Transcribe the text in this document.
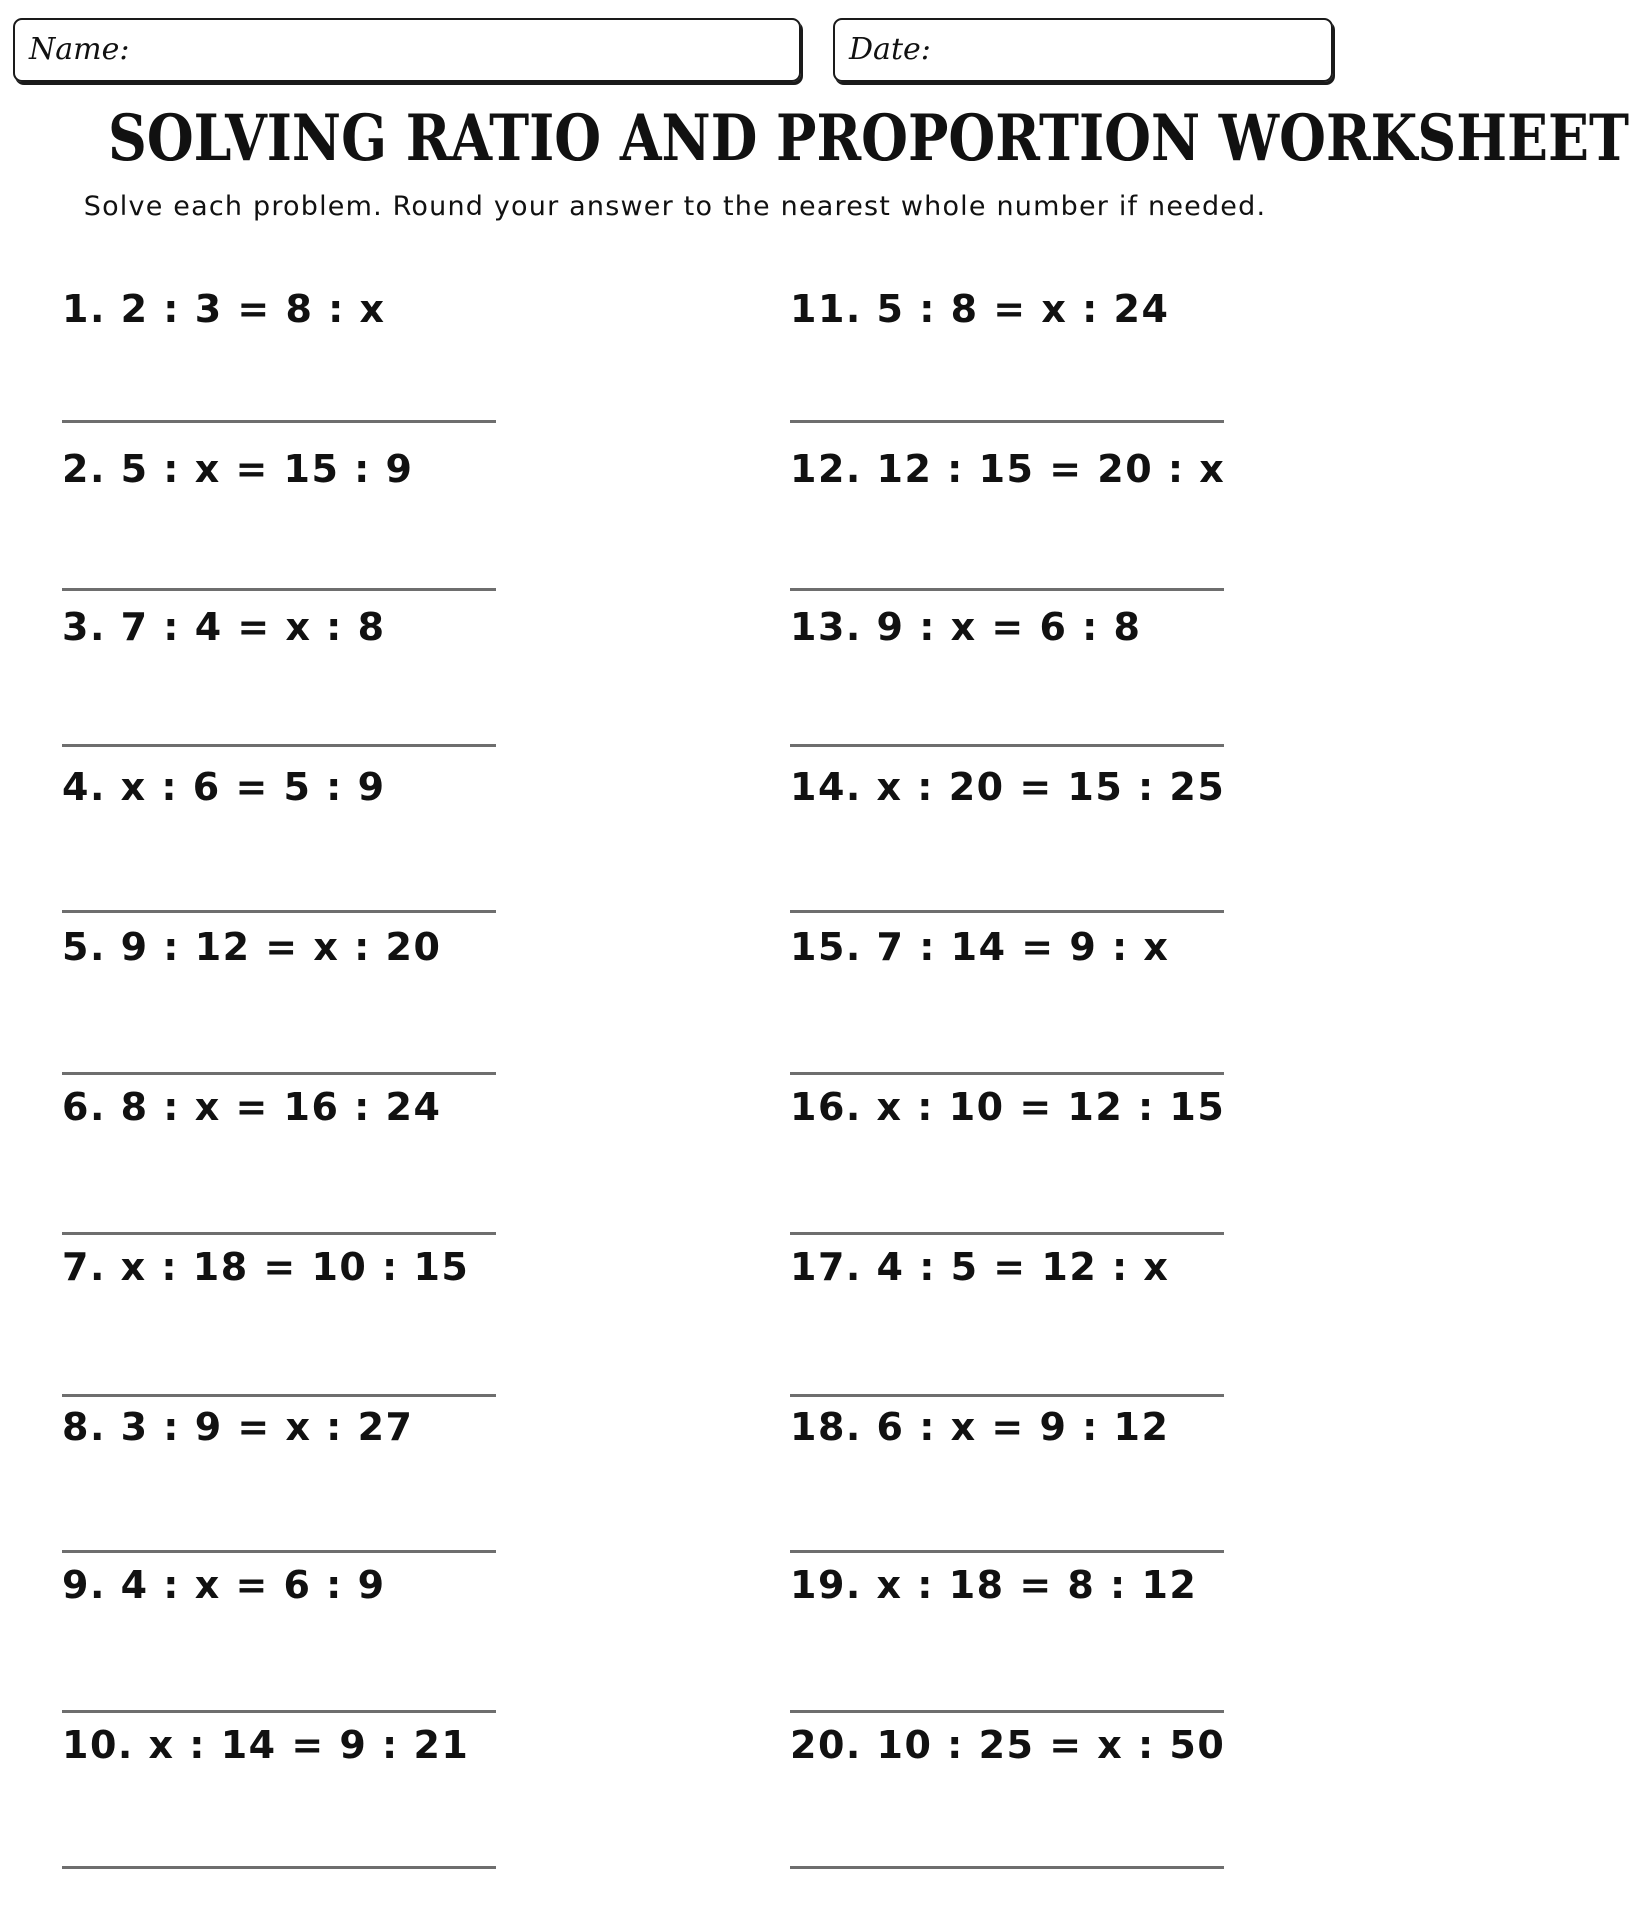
Name:	Date:
SOLVING RATIO AND PROPORTION WORKSHEET
Solve each problem. Round your answer to the nearest whole number if needed.
1. 2 : 3 = 8 : x
2. 5 : x = 15 : 9
3. 7 : 4 = x : 8
4. x : 6 = 5 : 9
5. 9 : 12 = x : 20
6. 8 : x = 16 : 24
7. x : 18 = 10 : 15
8. 3 : 9 = x : 27
9. 4 : x = 6 : 9
10. x : 14 = 9 : 21
11. 5 : 8 = x : 24
12. 12 : 15 = 20 : x
13. 9 : x = 6 : 8
14. x : 20 = 15 : 25
15. 7 : 14 = 9 : x
16. x : 10 = 12 : 15
17. 4 : 5 = 12 : x
18. 6 : x = 9 : 12
19. x : 18 = 8 : 12
20. 10 : 25 = x : 50
